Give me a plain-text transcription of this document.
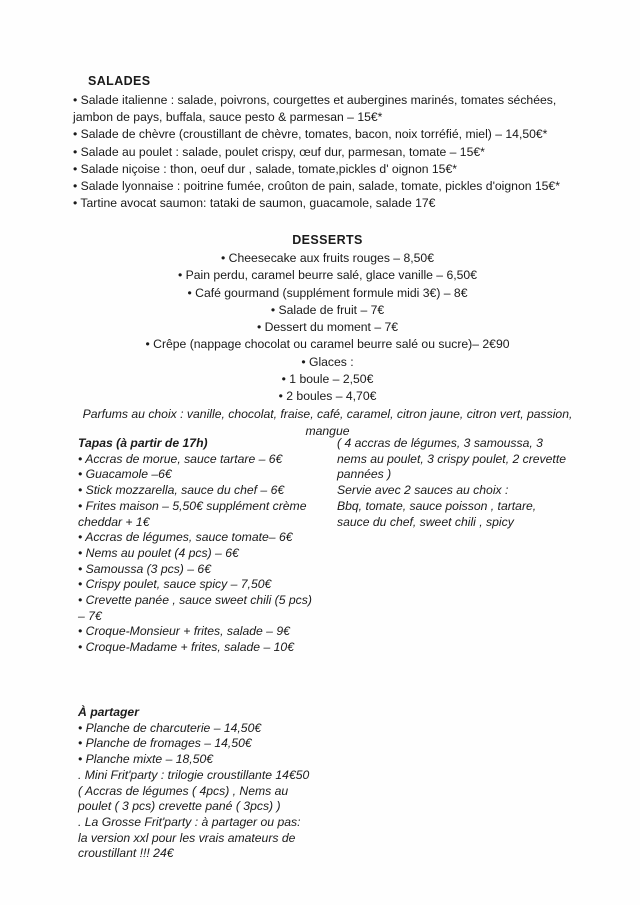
SALADES
• Salade italienne : salade, poivrons, courgettes et aubergines marinés, tomates séchées, jambon de pays, buffala, sauce pesto & parmesan – 15€*
• Salade de chèvre (croustillant de chèvre, tomates, bacon, noix torréfié, miel) – 14,50€*
• Salade au poulet : salade, poulet crispy, œuf dur, parmesan, tomate – 15€*
• Salade niçoise : thon, oeuf dur , salade, tomate,pickles d' oignon 15€*
• Salade lyonnaise : poitrine fumée, croûton de pain, salade, tomate, pickles d'oignon 15€*
• Tartine avocat saumon: tataki de saumon, guacamole, salade 17€
DESSERTS
• Cheesecake aux fruits rouges – 8,50€
• Pain perdu, caramel beurre salé, glace vanille – 6,50€
• Café gourmand (supplément formule midi 3€) – 8€
• Salade de fruit – 7€
• Dessert du moment – 7€
• Crêpe (nappage chocolat ou caramel beurre salé ou sucre)– 2€90
• Glaces :
• 1 boule – 2,50€
• 2 boules – 4,70€
Parfums au choix : vanille, chocolat, fraise, café, caramel, citron jaune, citron vert, passion, mangue
Tapas (à partir de 17h)
• Accras de morue, sauce tartare – 6€
• Guacamole –6€
• Stick mozzarella, sauce du chef – 6€
• Frites maison – 5,50€ supplément crème cheddar + 1€
• Accras de légumes, sauce tomate– 6€
• Nems au poulet (4 pcs) – 6€
• Samoussa (3 pcs) – 6€
• Crispy poulet, sauce spicy – 7,50€
• Crevette panée , sauce sweet chili (5 pcs) – 7€
• Croque-Monsieur + frites, salade – 9€
• Croque-Madame + frites, salade – 10€
( 4 accras de légumes, 3 samoussa, 3 nems au poulet, 3 crispy poulet, 2 crevette pannées )
Servie avec 2 sauces au choix :
Bbq, tomate, sauce poisson , tartare, sauce du chef, sweet chili , spicy
À partager
• Planche de charcuterie – 14,50€
• Planche de fromages – 14,50€
• Planche mixte – 18,50€
. Mini Frit'party : trilogie croustillante 14€50
( Accras de légumes ( 4pcs) , Nems au poulet ( 3 pcs) crevette pané ( 3pcs) )
. La Grosse Frit'party : à partager ou pas: la version xxl pour les vrais amateurs de croustillant !!! 24€
